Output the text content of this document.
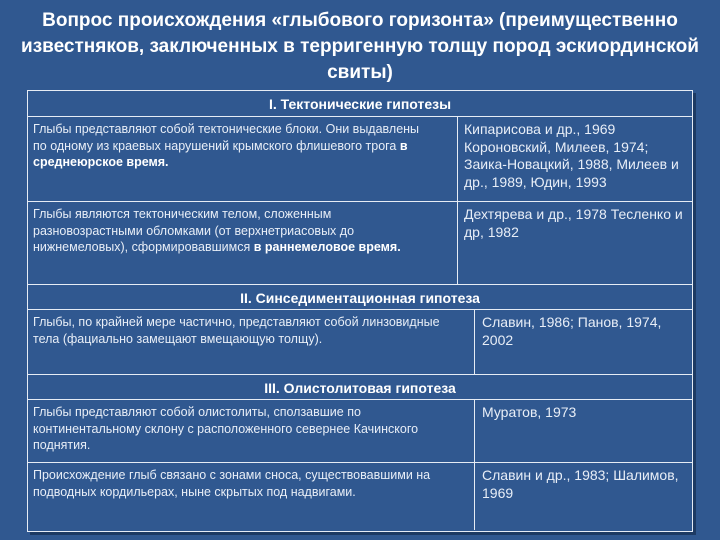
Вопрос происхождения «глыбового горизонта» (преимущественно известняков, заключенных в терригенную толщу пород эскиординской свиты)
I. Тектонические гипотезы
Глыбы представляют собой тектонические блоки. Они выдавлены по одному из краевых нарушений крымского флишевого трога в среднеюрское время.
Кипарисова и др., 1969 Короновский, Милеев, 1974; Заика-Новацкий, 1988, Милеев и др., 1989, Юдин, 1993
Глыбы являются тектоническим телом, сложенным разновозрастными обломками (от верхнетриасовых до нижнемеловых), сформировавшимся в раннемеловое время.
Дехтярева и др., 1978 Тесленко и др, 1982
II. Синседиментационная гипотеза
Глыбы, по крайней мере частично, представляют собой линзовидные тела (фациально замещают вмещающую толщу).
Славин, 1986; Панов, 1974, 2002
III. Олистолитовая гипотеза
Глыбы представляют собой олистолиты, сползавшие по континентальному склону с расположенного севернее Качинского поднятия.
Муратов, 1973
Происхождение глыб связано с зонами сноса, существовавшими на подводных кордильерах, ныне скрытых под надвигами.
Славин и др., 1983; Шалимов, 1969
